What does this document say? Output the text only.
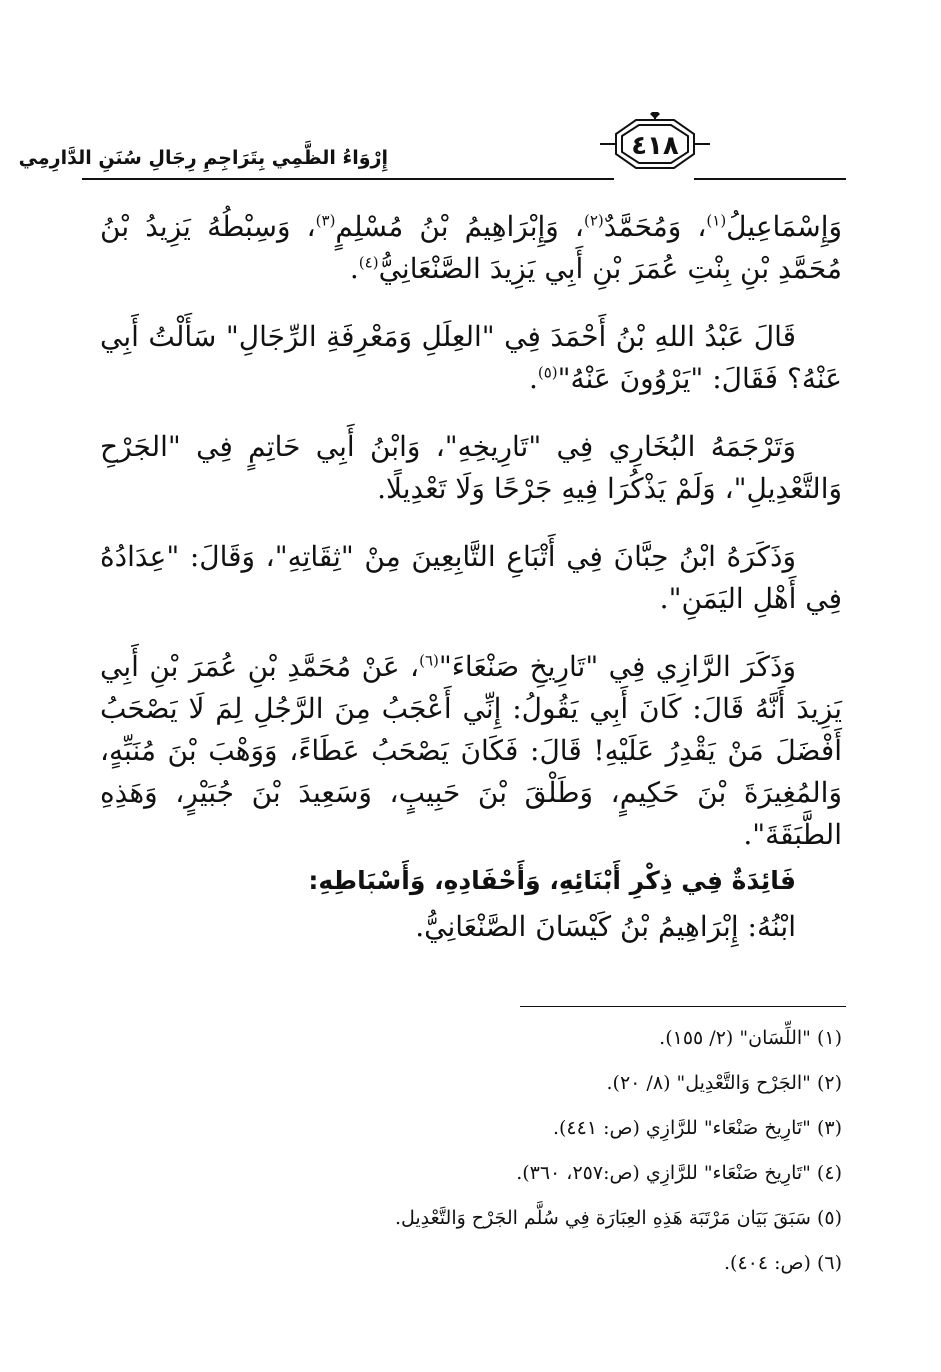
إِرْوَاءُ الظَّمِي بِتَرَاجِمِ رِجَالِ سُنَنِ الدَّارِمِي	٤١٨

وَإِسْمَاعِيلُ$^{(١)}$، وَمُحَمَّدٌ$^{(٢)}$، وَإِبْرَاهِيمُ بْنُ مُسْلِمٍ$^{(٣)}$، وَسِبْطُهُ يَزِيدُ بْنُ مُحَمَّدِ بْنِ بِنْتِ عُمَرَ بْنِ أَبِي يَزِيدَ الصَّنْعَانِيُّ$^{(٤)}$.

قَالَ عَبْدُ اللهِ بْنُ أَحْمَدَ فِي "العِلَلِ وَمَعْرِفَةِ الرِّجَالِ" سَأَلْتُ أَبِي عَنْهُ؟ فَقَالَ: "يَرْوُونَ عَنْهُ"$^{(٥)}$.

وَتَرْجَمَهُ البُخَارِي فِي "تَارِيخِهِ"، وَابْنُ أَبِي حَاتِمٍ فِي "الجَرْحِ وَالتَّعْدِيلِ"، وَلَمْ يَذْكُرَا فِيهِ جَرْحًا وَلَا تَعْدِيلًا.

وَذَكَرَهُ ابْنُ حِبَّانَ فِي أَتْبَاعِ التَّابِعِينَ مِنْ "ثِقَاتِهِ"، وَقَالَ: "عِدَادُهُ فِي أَهْلِ اليَمَنِ".

وَذَكَرَ الرَّازِي فِي "تَارِيخِ صَنْعَاءَ"$^{(٦)}$، عَنْ مُحَمَّدِ بْنِ عُمَرَ بْنِ أَبِي يَزِيدَ أَنَّهُ قَالَ: كَانَ أَبِي يَقُولُ: إِنِّي أَعْجَبُ مِنَ الرَّجُلِ لِمَ لَا يَصْحَبُ أَفْضَلَ مَنْ يَقْدِرُ عَلَيْهِ! قَالَ: فَكَانَ يَصْحَبُ عَطَاءً، وَوَهْبَ بْنَ مُنَبِّهٍ، وَالمُغِيرَةَ بْنَ حَكِيمٍ، وَطَلْقَ بْنَ حَبِيبٍ، وَسَعِيدَ بْنَ جُبَيْرٍ، وَهَذِهِ الطَّبَقَةَ".

فَائِدَةٌ فِي ذِكْرِ أَبْنَائِهِ، وَأَحْفَادِهِ، وَأَسْبَاطِهِ:

ابْنُهُ: إِبْرَاهِيمُ بْنُ كَيْسَانَ الصَّنْعَانِيُّ.

(١) "اللِّسَان" (٢/ ١٥٥).

(٢) "الجَرْح وَالتَّعْدِيل" (٨/ ٢٠).

(٣) "تَارِيخ صَنْعَاء" للرَّازِي (ص: ٤٤١).

(٤) "تَارِيخ صَنْعَاء" للرَّازِي (ص:٢٥٧، ٣٦٠).

(٥) سَبَقَ بَيَان مَرْتَبَة هَذِهِ العِبَارَة فِي سُلَّم الجَرْح وَالتَّعْدِيل.

(٦) (ص: ٤٠٤).
